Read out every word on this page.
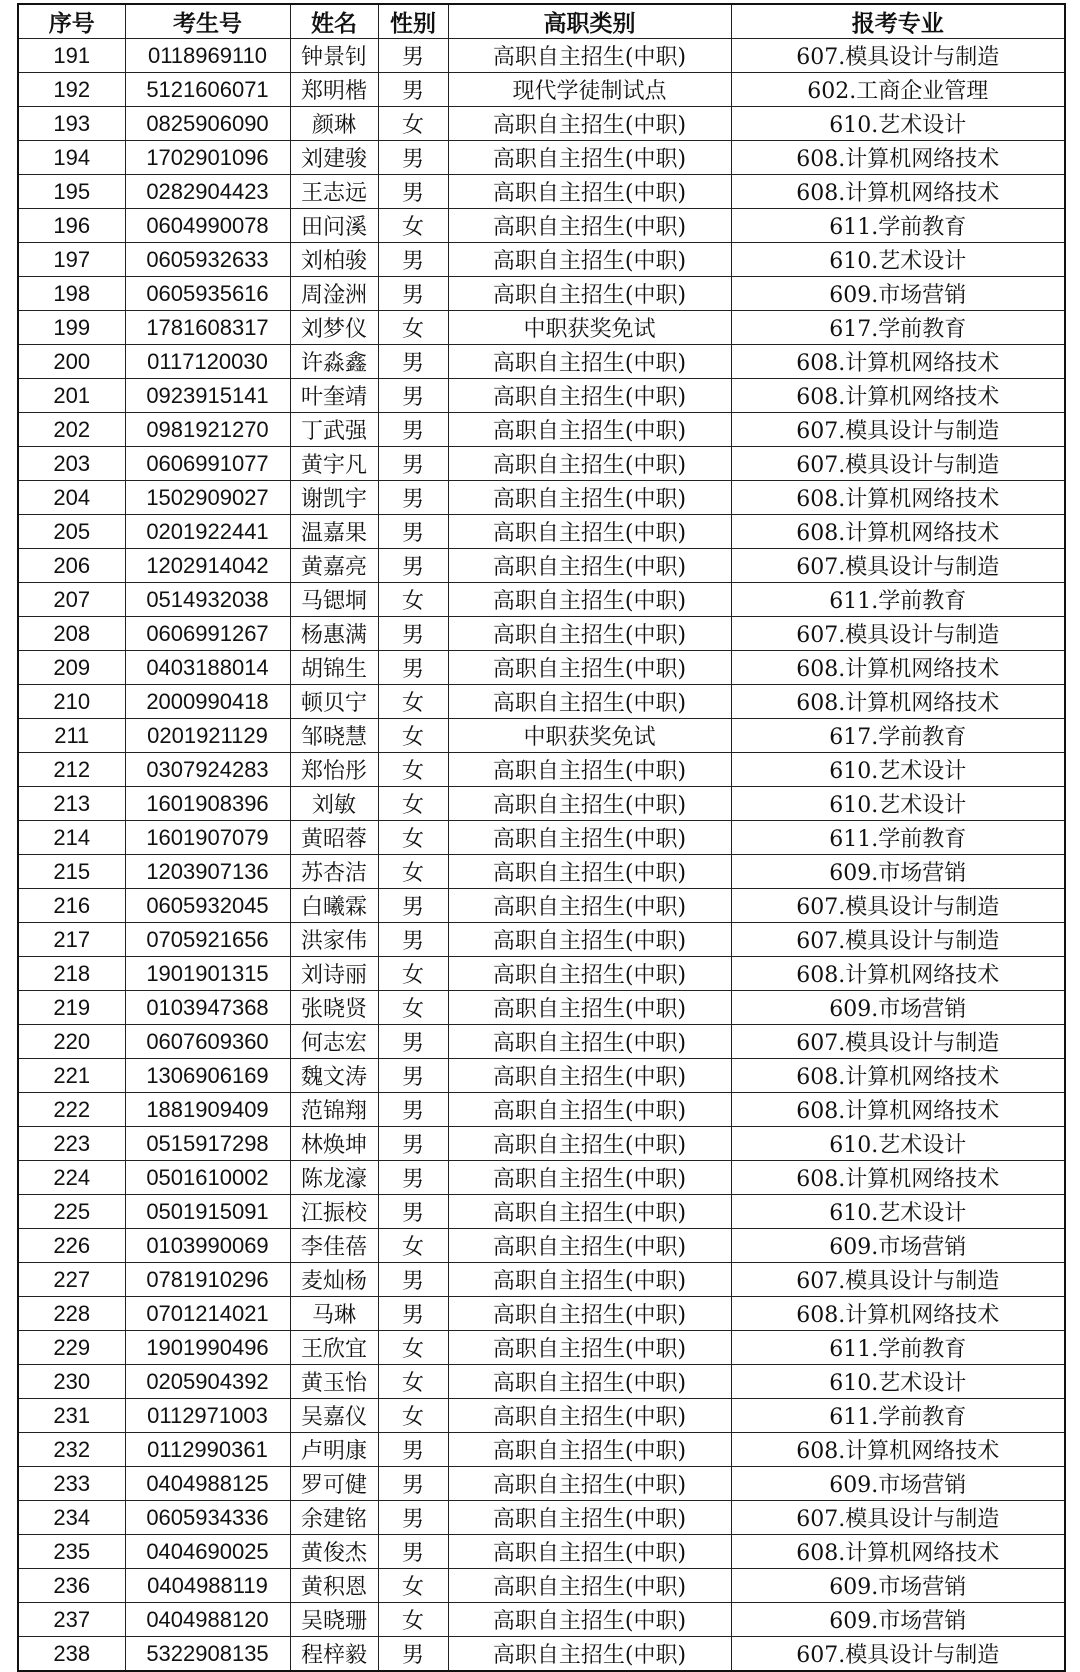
序号	考生号	姓名	性别	高职类别	报考专业
191	0118969110	钟景钊	男	高职自主招生(中职)	607.模具设计与制造
192	5121606071	郑明楷	男	现代学徒制试点	602.工商企业管理
193	0825906090	颜琳	女	高职自主招生(中职)	610.艺术设计
194	1702901096	刘建骏	男	高职自主招生(中职)	608.计算机网络技术
195	0282904423	王志远	男	高职自主招生(中职)	608.计算机网络技术
196	0604990078	田问溪	女	高职自主招生(中职)	611.学前教育
197	0605932633	刘柏骏	男	高职自主招生(中职)	610.艺术设计
198	0605935616	周淦洲	男	高职自主招生(中职)	609.市场营销
199	1781608317	刘梦仪	女	中职获奖免试	617.学前教育
200	0117120030	许淼鑫	男	高职自主招生(中职)	608.计算机网络技术
201	0923915141	叶奎靖	男	高职自主招生(中职)	608.计算机网络技术
202	0981921270	丁武强	男	高职自主招生(中职)	607.模具设计与制造
203	0606991077	黄宇凡	男	高职自主招生(中职)	607.模具设计与制造
204	1502909027	谢凯宇	男	高职自主招生(中职)	608.计算机网络技术
205	0201922441	温嘉果	男	高职自主招生(中职)	608.计算机网络技术
206	1202914042	黄嘉亮	男	高职自主招生(中职)	607.模具设计与制造
207	0514932038	马锶垌	女	高职自主招生(中职)	611.学前教育
208	0606991267	杨惠满	男	高职自主招生(中职)	607.模具设计与制造
209	0403188014	胡锦生	男	高职自主招生(中职)	608.计算机网络技术
210	2000990418	顿贝宁	女	高职自主招生(中职)	608.计算机网络技术
211	0201921129	邹晓慧	女	中职获奖免试	617.学前教育
212	0307924283	郑怡彤	女	高职自主招生(中职)	610.艺术设计
213	1601908396	刘敏	女	高职自主招生(中职)	610.艺术设计
214	1601907079	黄昭蓉	女	高职自主招生(中职)	611.学前教育
215	1203907136	苏杏洁	女	高职自主招生(中职)	609.市场营销
216	0605932045	白曦霖	男	高职自主招生(中职)	607.模具设计与制造
217	0705921656	洪家伟	男	高职自主招生(中职)	607.模具设计与制造
218	1901901315	刘诗丽	女	高职自主招生(中职)	608.计算机网络技术
219	0103947368	张晓贤	女	高职自主招生(中职)	609.市场营销
220	0607609360	何志宏	男	高职自主招生(中职)	607.模具设计与制造
221	1306906169	魏文涛	男	高职自主招生(中职)	608.计算机网络技术
222	1881909409	范锦翔	男	高职自主招生(中职)	608.计算机网络技术
223	0515917298	林焕坤	男	高职自主招生(中职)	610.艺术设计
224	0501610002	陈龙濠	男	高职自主招生(中职)	608.计算机网络技术
225	0501915091	江振校	男	高职自主招生(中职)	610.艺术设计
226	0103990069	李佳蓓	女	高职自主招生(中职)	609.市场营销
227	0781910296	麦灿杨	男	高职自主招生(中职)	607.模具设计与制造
228	0701214021	马琳	男	高职自主招生(中职)	608.计算机网络技术
229	1901990496	王欣宜	女	高职自主招生(中职)	611.学前教育
230	0205904392	黄玉怡	女	高职自主招生(中职)	610.艺术设计
231	0112971003	吴嘉仪	女	高职自主招生(中职)	611.学前教育
232	0112990361	卢明康	男	高职自主招生(中职)	608.计算机网络技术
233	0404988125	罗可健	男	高职自主招生(中职)	609.市场营销
234	0605934336	余建铭	男	高职自主招生(中职)	607.模具设计与制造
235	0404690025	黄俊杰	男	高职自主招生(中职)	608.计算机网络技术
236	0404988119	黄积恩	女	高职自主招生(中职)	609.市场营销
237	0404988120	吴晓珊	女	高职自主招生(中职)	609.市场营销
238	5322908135	程梓毅	男	高职自主招生(中职)	607.模具设计与制造
